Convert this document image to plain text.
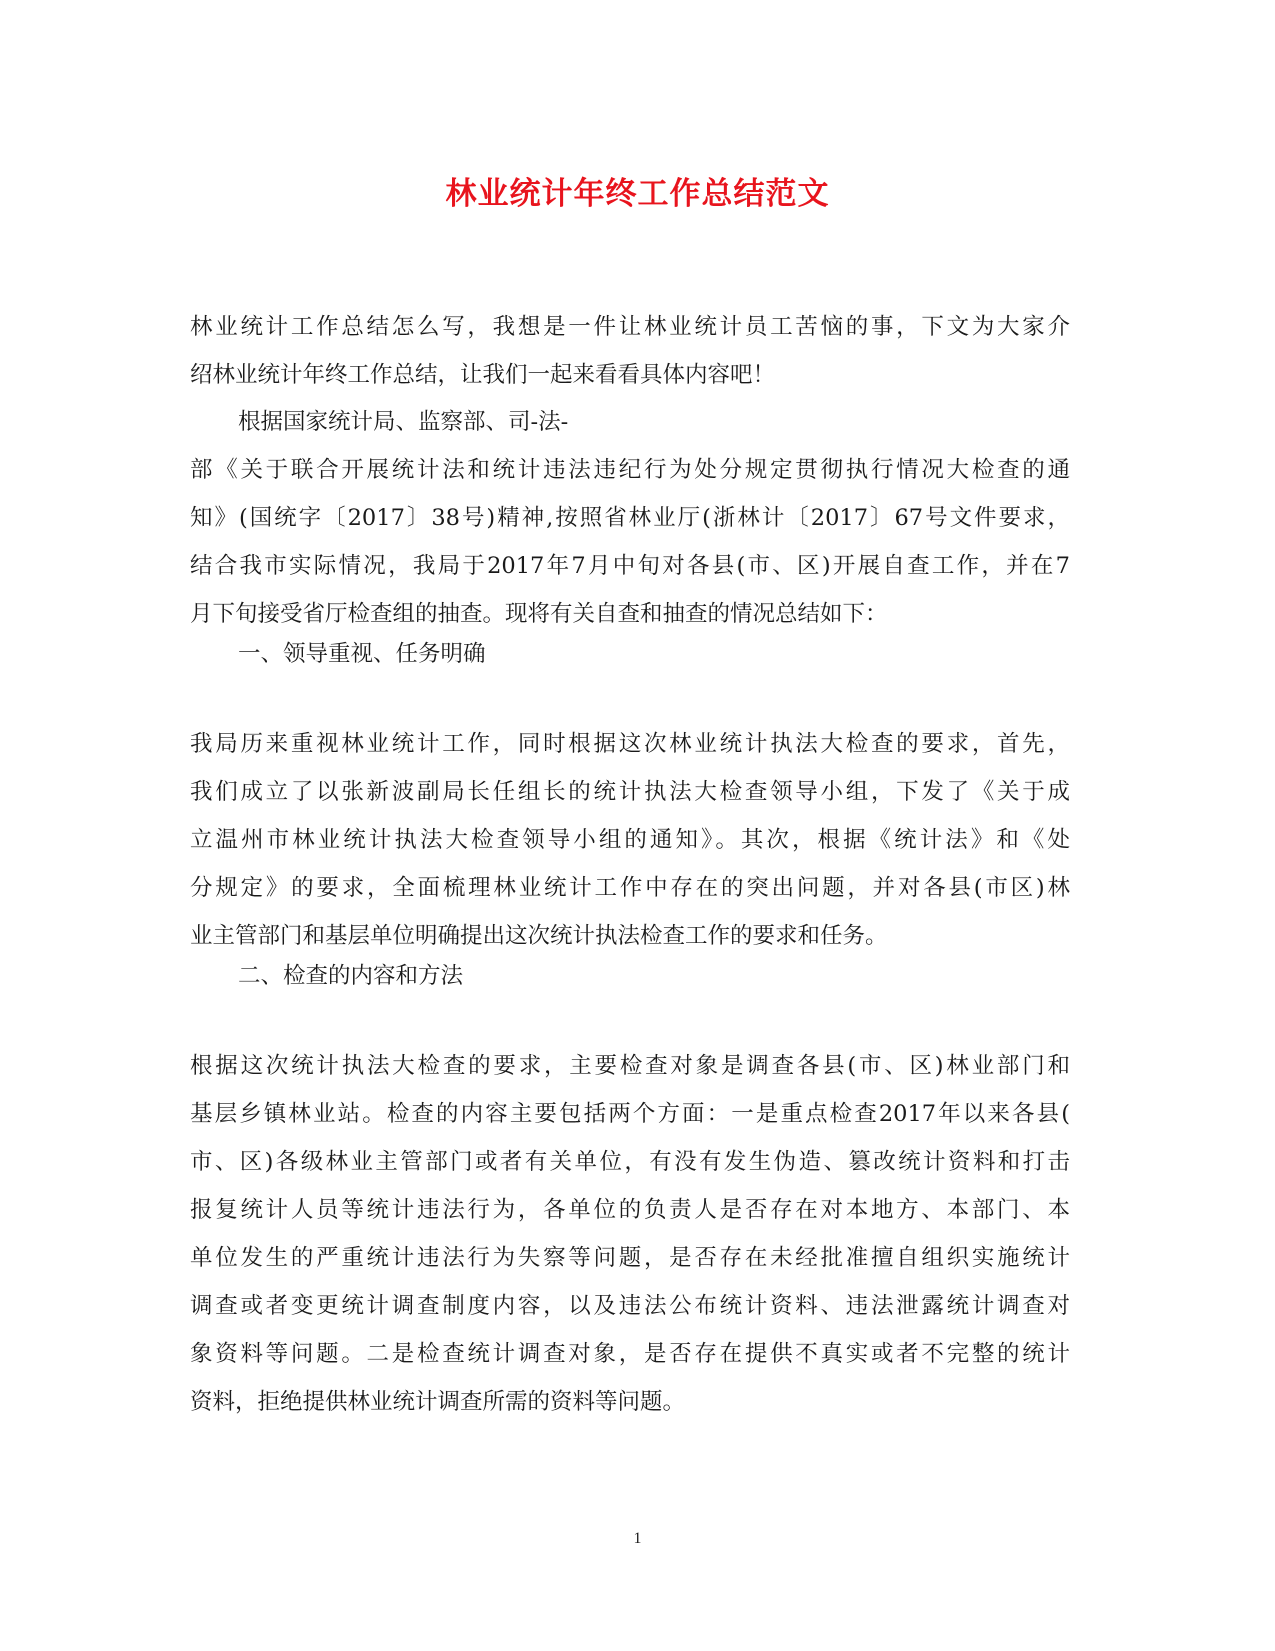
林业统计年终工作总结范文
林业统计工作总结怎么写，我想是一件让林业统计员工苦恼的事，下文为大家介
绍林业统计年终工作总结，让我们一起来看看具体内容吧！
根据国家统计局、监察部、司-法-
部《关于联合开展统计法和统计违法违纪行为处分规定贯彻执行情况大检查的通
知》(国统字〔2017〕38号)精神,按照省林业厅(浙林计〔2017〕67号文件要求，
结合我市实际情况，我局于2017年7月中旬对各县(市、区)开展自查工作，并在7
月下旬接受省厅检查组的抽查。现将有关自查和抽查的情况总结如下：
一、领导重视、任务明确
我局历来重视林业统计工作，同时根据这次林业统计执法大检查的要求，首先，
我们成立了以张新波副局长任组长的统计执法大检查领导小组，下发了《关于成
立温州市林业统计执法大检查领导小组的通知》。其次，根据《统计法》和《处
分规定》的要求，全面梳理林业统计工作中存在的突出问题，并对各县(市区)林
业主管部门和基层单位明确提出这次统计执法检查工作的要求和任务。
二、检查的内容和方法
根据这次统计执法大检查的要求，主要检查对象是调查各县(市、区)林业部门和
基层乡镇林业站。检查的内容主要包括两个方面：一是重点检查2017年以来各县(
市、区)各级林业主管部门或者有关单位，有没有发生伪造、篡改统计资料和打击
报复统计人员等统计违法行为，各单位的负责人是否存在对本地方、本部门、本
单位发生的严重统计违法行为失察等问题，是否存在未经批准擅自组织实施统计
调查或者变更统计调查制度内容，以及违法公布统计资料、违法泄露统计调查对
象资料等问题。二是检查统计调查对象，是否存在提供不真实或者不完整的统计
资料，拒绝提供林业统计调查所需的资料等问题。
1
